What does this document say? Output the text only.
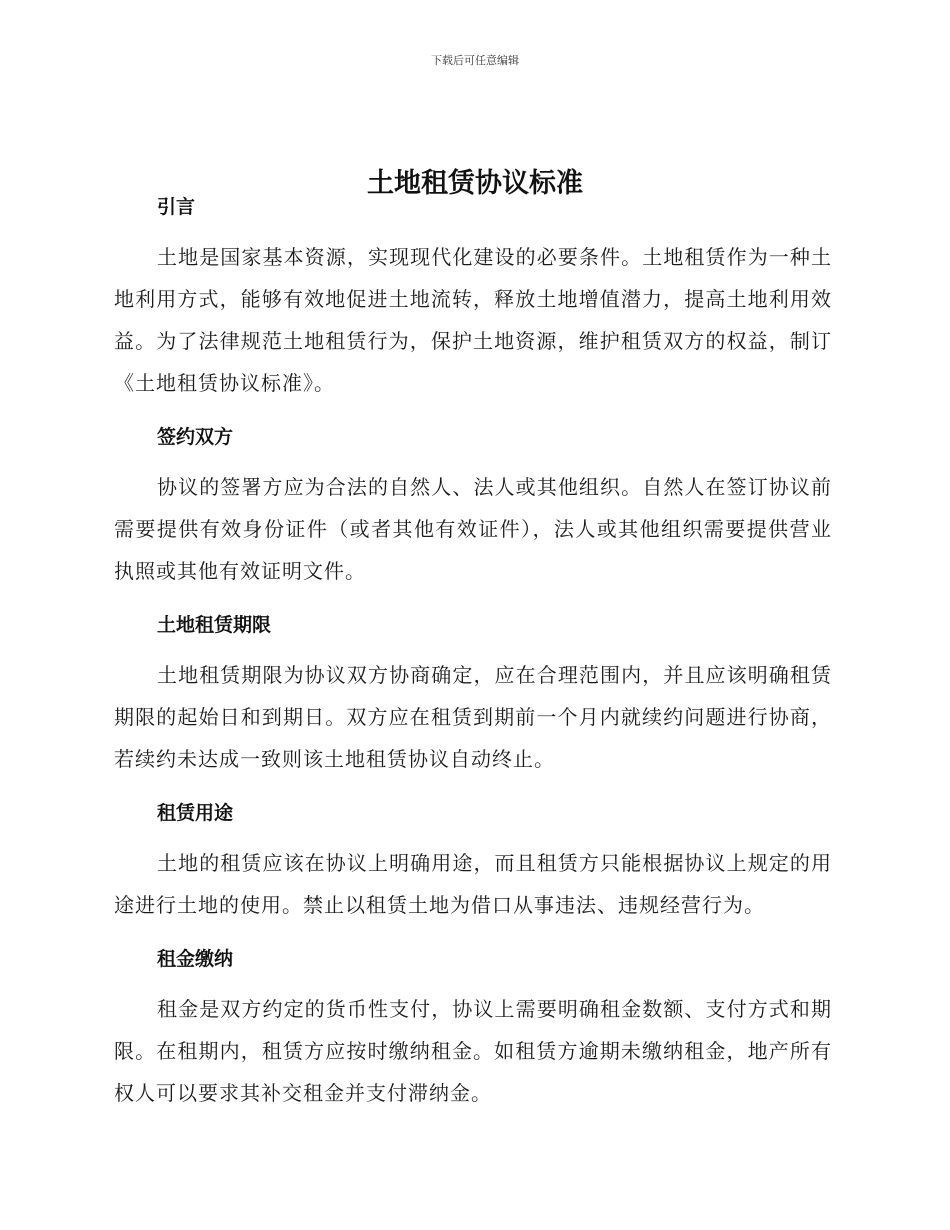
下载后可任意编辑
土地租赁协议标准
引言

土地是国家基本资源，实现现代化建设的必要条件。土地租赁作为一种土地利用方式，能够有效地促进土地流转，释放土地增值潜力，提高土地利用效益。为了法律规范土地租赁行为，保护土地资源，维护租赁双方的权益，制订《土地租赁协议标准》。

签约双方

协议的签署方应为合法的自然人、法人或其他组织。自然人在签订协议前需要提供有效身份证件（或者其他有效证件），法人或其他组织需要提供营业执照或其他有效证明文件。

土地租赁期限

土地租赁期限为协议双方协商确定，应在合理范围内，并且应该明确租赁期限的起始日和到期日。双方应在租赁到期前一个月内就续约问题进行协商，若续约未达成一致则该土地租赁协议自动终止。

租赁用途

土地的租赁应该在协议上明确用途，而且租赁方只能根据协议上规定的用途进行土地的使用。禁止以租赁土地为借口从事违法、违规经营行为。

租金缴纳

租金是双方约定的货币性支付，协议上需要明确租金数额、支付方式和期限。在租期内，租赁方应按时缴纳租金。如租赁方逾期未缴纳租金，地产所有权人可以要求其补交租金并支付滞纳金。
